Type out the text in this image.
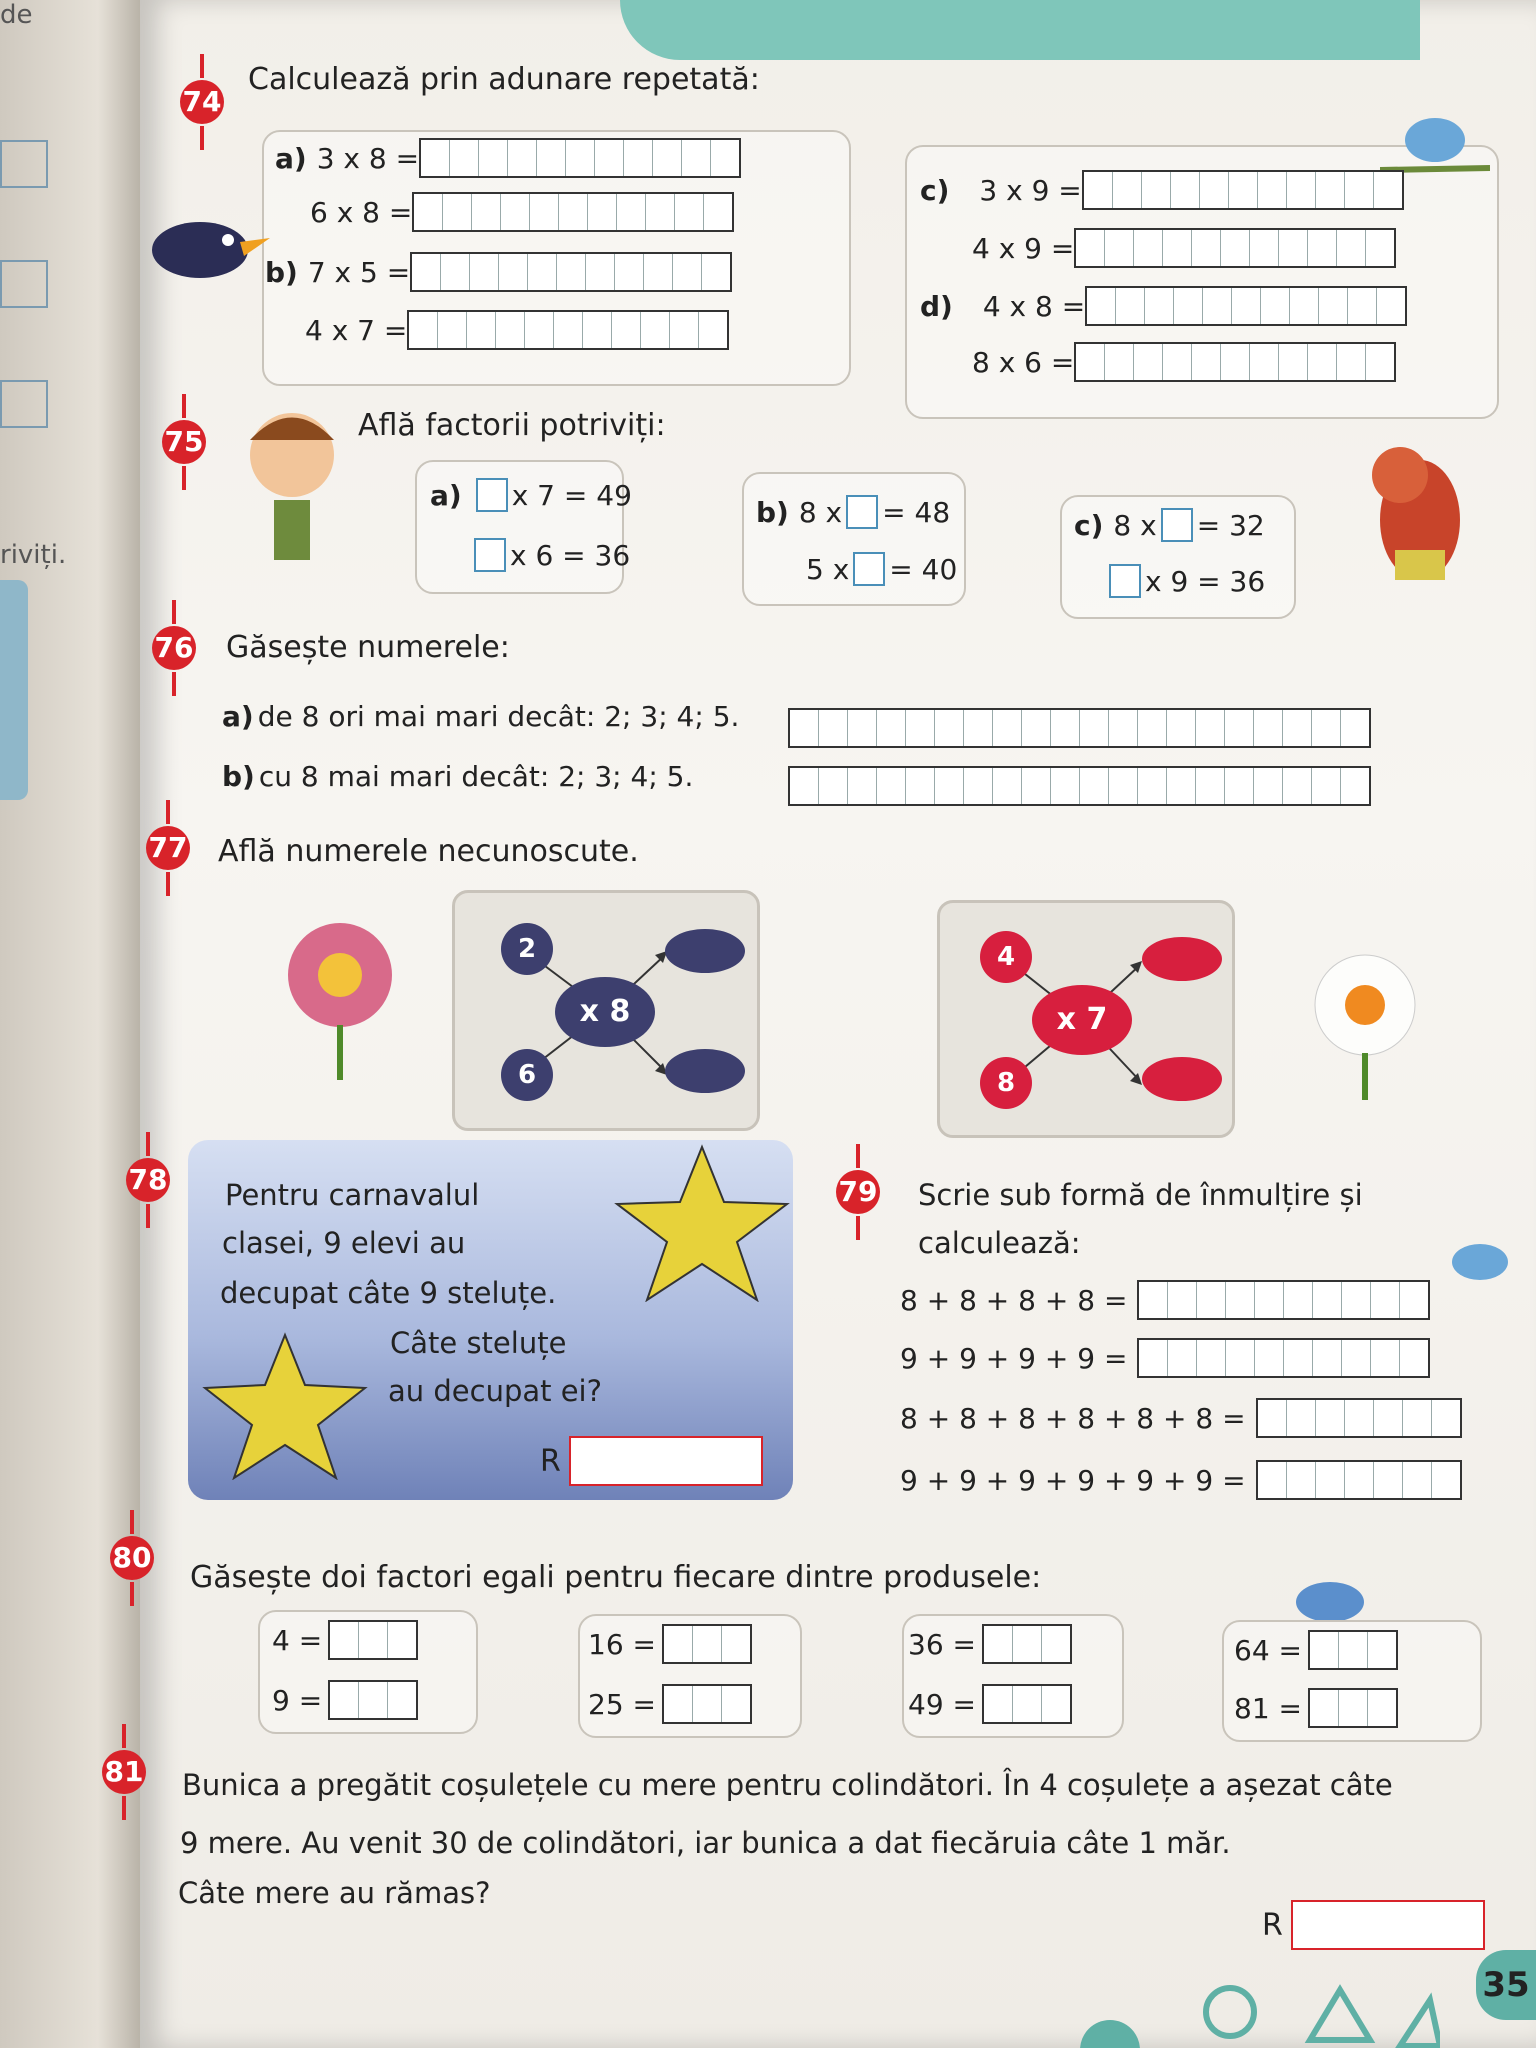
de
riviți.
74
Calculează prin adunare repetată:
a) 3 x 8 =
6 x 8 =
b) 7 x 5 =
4 x 7 =
c) 3 x 9 =
4 x 9 =
d) 4 x 8 =
8 x 6 =
75	Află factorii potriviți:
a) x 7 = 49
x 6 = 36
b) 8 x = 48
5 x = 40
c) 8 x = 32
x 9 = 36
76 Găsește numerele:
a) de 8 ori mai mari decât: 2; 3; 4; 5.
b) cu 8 mai mari decât: 2; 3; 4; 5.
77 Află numerele necunoscute.
2
6
x 8
4
8
x 7
78 Pentru carnavalul
clasei, 9 elevi au
decupat câte 9 steluțe.
Câte steluțe
au decupat ei?
R
79 Scrie sub formă de înmulțire și
calculează:
8 + 8 + 8 + 8 =
9 + 9 + 9 + 9 =
8 + 8 + 8 + 8 + 8 + 8 =
9 + 9 + 9 + 9 + 9 + 9 =
80
Găsește doi factori egali pentru fiecare dintre produsele:
4 =
9 =
16 =
25 =
36 =
49 =
64 =
81 =
81 Bunica a pregătit coșulețele cu mere pentru colindători. În 4 coșulețe a așezat câte
9 mere. Au venit 30 de colindători, iar bunica a dat fiecăruia câte 1 măr.
Câte mere au rămas?
R
35
